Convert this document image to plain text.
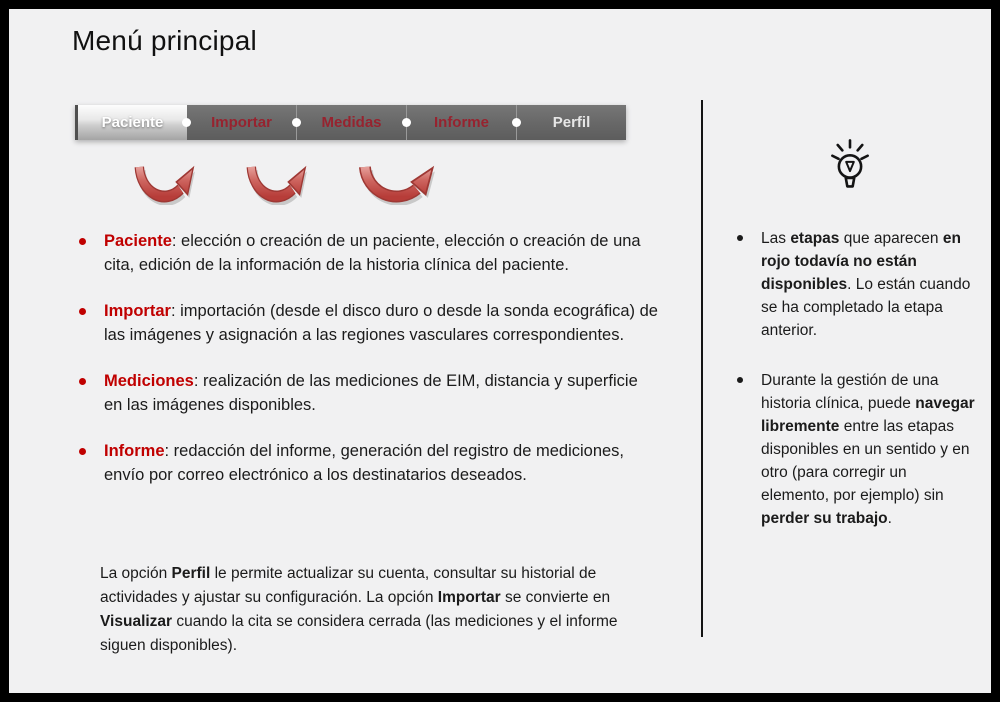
Menú principal
Paciente	Importar	Medidas	Informe	Perfil
Paciente: elección o creación de un paciente, elección o creación de una cita, edición de la información de la historia clínica del paciente.
Importar: importación (desde el disco duro o desde la sonda ecográfica) de las imágenes y asignación a las regiones vasculares correspondientes.
Mediciones: realización de las mediciones de EIM, distancia y superficie en las imágenes disponibles.
Informe: redacción del informe, generación del registro de mediciones, envío por correo electrónico a los destinatarios deseados.

La opción Perfil le permite actualizar su cuenta, consultar su historial de actividades y ajustar su configuración. La opción Importar se convierte en Visualizar cuando la cita se considera cerrada (las mediciones y el informe siguen disponibles).

Las etapas que aparecen en rojo todavía no están disponibles. Lo están cuando se ha completado la etapa anterior.
Durante la gestión de una historia clínica, puede navegar libremente entre las etapas disponibles en un sentido y en otro (para corregir un elemento, por ejemplo) sin perder su trabajo.
